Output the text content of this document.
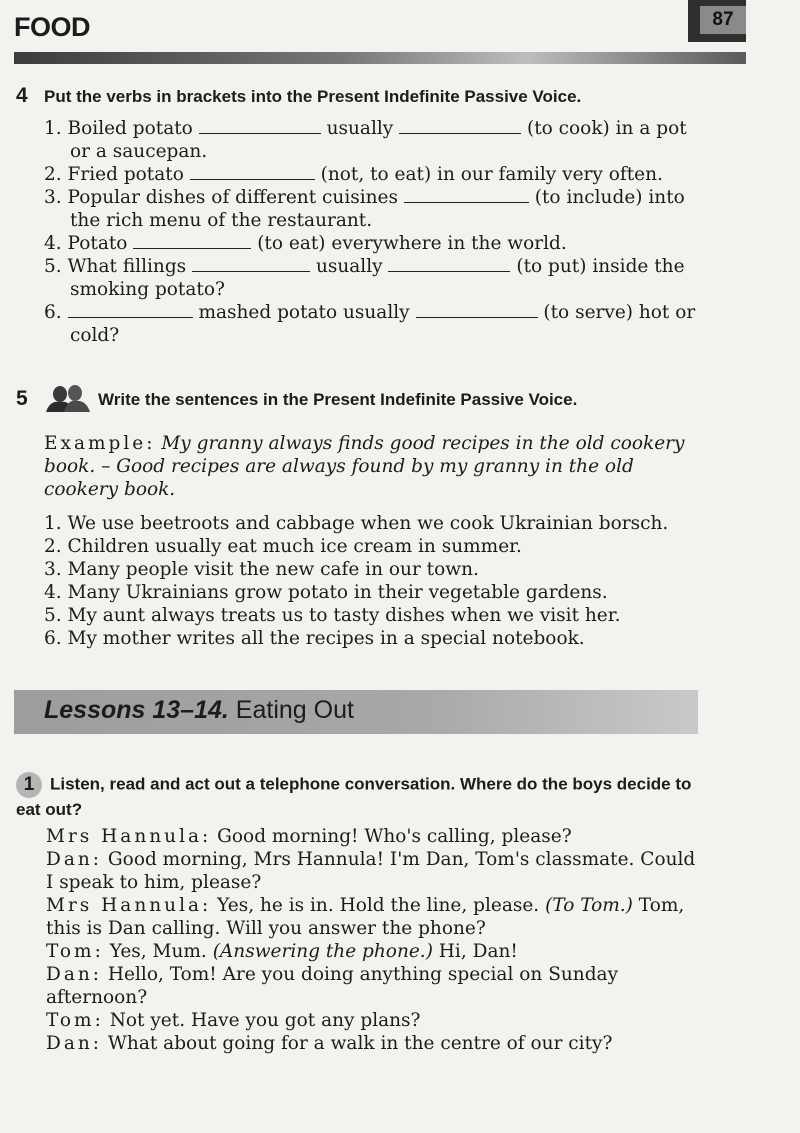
FOOD	87
4 Put the verbs in brackets into the Present Indefinite Passive Voice.
1. Boiled potato	usually	(to cook) in a pot or a saucepan.
2. Fried potato	(not, to eat) in our family very often.
3. Popular dishes of different cuisines	(to include) into the rich menu of the restaurant.
4. Potato	(to eat) everywhere in the world.
5. What fillings	usually	(to put) inside the smoking potato?
6.	mashed potato usually	(to serve) hot or cold?
5	Write the sentences in the Present Indefinite Passive Voice.
Example: My granny always finds good recipes in the old cookery book. – Good recipes are always found by my granny in the old cookery book.
1. We use beetroots and cabbage when we cook Ukrainian borsch.
2. Children usually eat much ice cream in summer.
3. Many people visit the new cafe in our town.
4. Many Ukrainians grow potato in their vegetable gardens.
5. My aunt always treats us to tasty dishes when we visit her.
6. My mother writes all the recipes in a special notebook.
Lessons 13–14. Eating Out
1 Listen, read and act out a telephone conversation. Where do the boys decide to eat out?

Mrs Hannula: Good morning! Who's calling, please?

Dan: Good morning, Mrs Hannula! I'm Dan, Tom's classmate. Could I speak to him, please?

Mrs Hannula: Yes, he is in. Hold the line, please. (To Tom.) Tom, this is Dan calling. Will you answer the phone?

Tom: Yes, Mum. (Answering the phone.) Hi, Dan!

Dan: Hello, Tom! Are you doing anything special on Sunday afternoon?

Tom: Not yet. Have you got any plans?

Dan: What about going for a walk in the centre of our city?
